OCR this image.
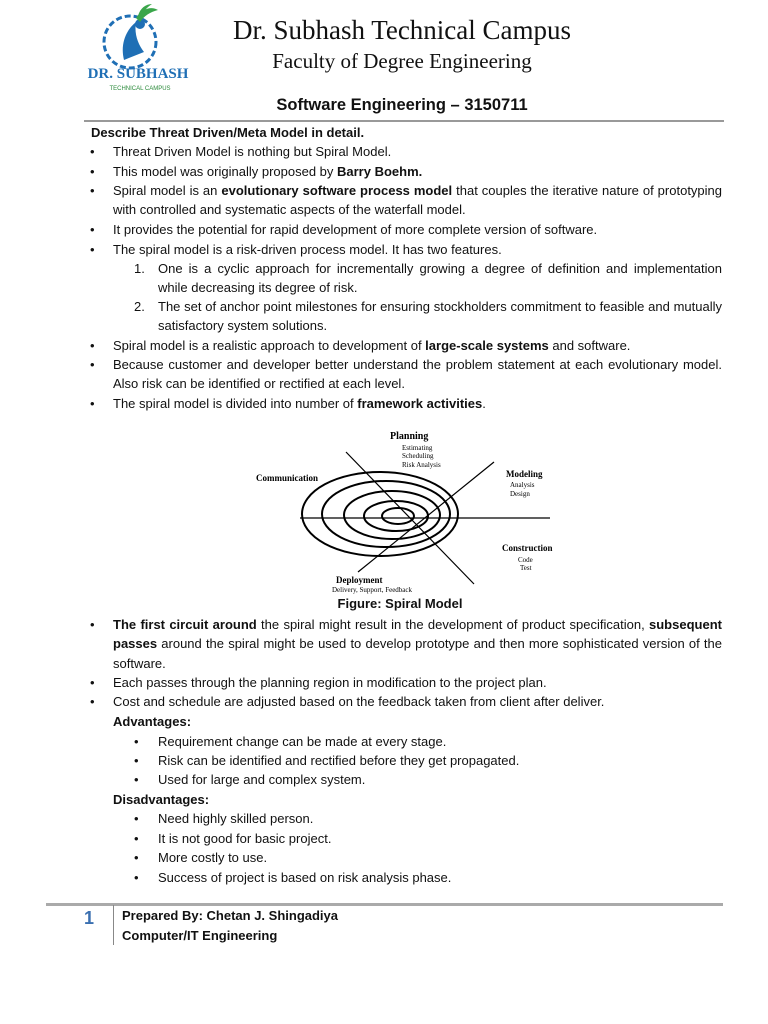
DR. SUBHASH
TECHNICAL CAMPUS
Dr. Subhash Technical Campus
Faculty of Degree Engineering
Software Engineering – 3150711
Describe Threat Driven/Meta Model in detail.
•	Threat Driven Model is nothing but Spiral Model.
•	This model was originally proposed by Barry Boehm.
•	Spiral model is an evolutionary software process model that couples the iterative nature of prototyping with controlled and systematic aspects of the waterfall model.
•	It provides the potential for rapid development of more complete version of software.
•	The spiral model is a risk-driven process model. It has two features.
1. One is a cyclic approach for incrementally growing a degree of definition and implementation while decreasing its degree of risk.
2. The set of anchor point milestones for ensuring stockholders commitment to feasible and mutually satisfactory system solutions.
•	Spiral model is a realistic approach to development of large-scale systems and software.
•	Because customer and developer better understand the problem statement at each evolutionary model. Also risk can be identified or rectified at each level.
•	The spiral model is divided into number of framework activities.
Planning
Estimating
Scheduling
Risk Analysis
Modeling
Analysis
Design
Communication
Construction
Code
Test
Deployment
Delivery, Support, Feedback
Figure: Spiral Model
•	The first circuit around the spiral might result in the development of product specification, subsequent passes around the spiral might be used to develop prototype and then more sophisticated version of the software.
•	Each passes through the planning region in modification to the project plan.
•	Cost and schedule are adjusted based on the feedback taken from client after deliver.
Advantages:
• Requirement change can be made at every stage.
• Risk can be identified and rectified before they get propagated.
• Used for large and complex system.
Disadvantages:
• Need highly skilled person.
• It is not good for basic project.
• More costly to use.
• Success of project is based on risk analysis phase.
1 Prepared By: Chetan J. Shingadiya
Computer/IT Engineering
